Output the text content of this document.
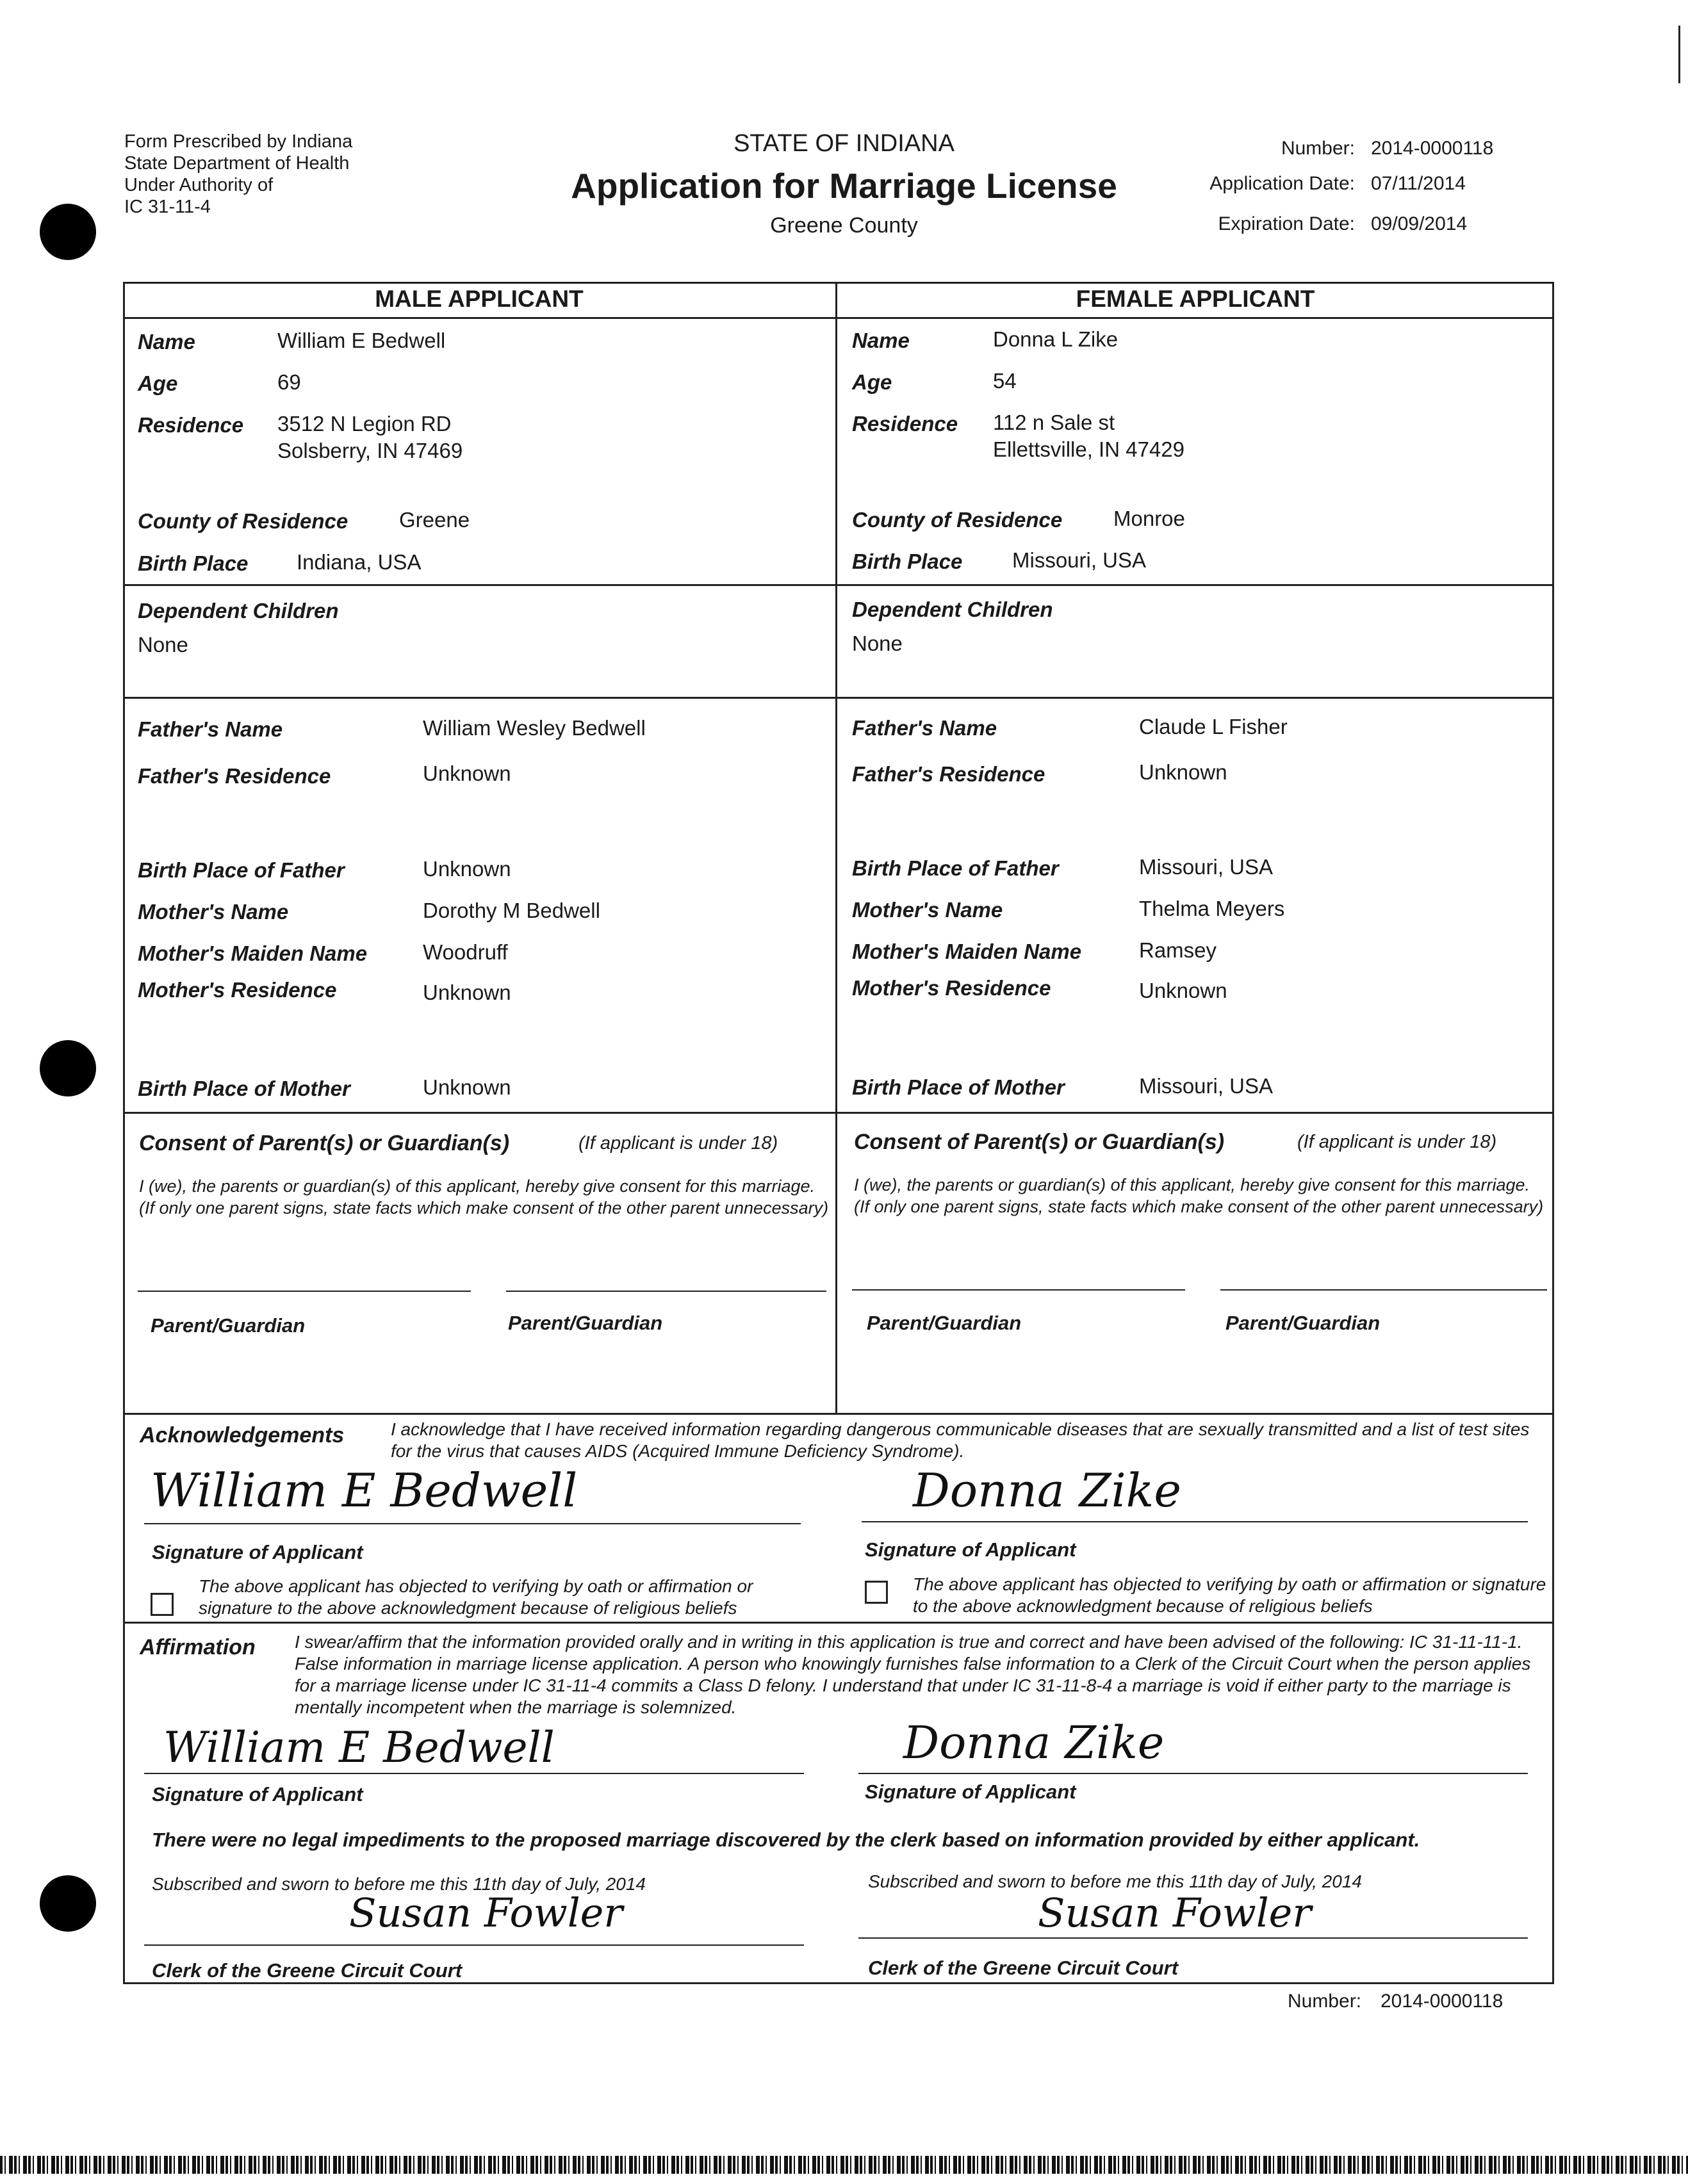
Form Prescribed by Indiana
State Department of Health
Under Authority of
IC 31-11-4
STATE OF INDIANA
Application for Marriage License
Greene County
Number: 2014-0000118
Application Date: 07/11/2014
Expiration Date: 09/09/2014
MALE APPLICANT	FEMALE APPLICANT
Name	William E Bedwell
Age	69
Residence 3512 N Legion RD
Solsberry, IN 47469
County of Residence Greene
Birth Place Indiana, USA
Name	Donna L Zike
Age	54
Residence 112 n Sale st
Ellettsville, IN 47429
County of Residence Monroe
Birth Place Missouri, USA
Dependent Children
None
Dependent Children
None
Father's Name	William Wesley Bedwell
Father's Residence	Unknown
Birth Place of Father	Unknown
Mother's Name	Dorothy M Bedwell
Mother's Maiden Name	Woodruff
Mother's Residence	Unknown
Birth Place of Mother	Unknown
Father's Name	Claude L Fisher
Father's Residence	Unknown
Birth Place of Father	Missouri, USA
Mother's Name	Thelma Meyers
Mother's Maiden Name	Ramsey
Mother's Residence	Unknown
Birth Place of Mother	Missouri, USA
Consent of Parent(s) or Guardian(s)	(If applicant is under 18)
I (we), the parents or guardian(s) of this applicant, hereby give consent for this marriage. (If only one parent signs, state facts which make consent of the other parent unnecessary)
Parent/Guardian	Parent/Guardian
Consent of Parent(s) or Guardian(s)	(If applicant is under 18)
I (we), the parents or guardian(s) of this applicant, hereby give consent for this marriage. (If only one parent signs, state facts which make consent of the other parent unnecessary)
Parent/Guardian	Parent/Guardian
Acknowledgements	I acknowledge that I have received information regarding dangerous communicable diseases that are sexually transmitted and a list of test sites for the virus that causes AIDS (Acquired Immune Deficiency Syndrome).
William E Bedwell
Signature of Applicant
Donna Zike
Signature of Applicant
The above applicant has objected to verifying by oath or affirmation or signature to the above acknowledgment because of religious beliefs
The above applicant has objected to verifying by oath or affirmation or signature to the above acknowledgment because of religious beliefs
Affirmation I swear/affirm that the information provided orally and in writing in this application is true and correct and have been advised of the following: IC 31-11-11-1. False information in marriage license application. A person who knowingly furnishes false information to a Clerk of the Circuit Court when the person applies for a marriage license under IC 31-11-4 commits a Class D felony. I understand that under IC 31-11-8-4 a marriage is void if either party to the marriage is mentally incompetent when the marriage is solemnized.
William E Bedwell
Signature of Applicant
Donna Zike
Signature of Applicant
There were no legal impediments to the proposed marriage discovered by the clerk based on information provided by either applicant.
Subscribed and sworn to before me this 11th day of July, 2014
Susan Fowler
Clerk of the Greene Circuit Court
Subscribed and sworn to before me this 11th day of July, 2014
Susan Fowler
Clerk of the Greene Circuit Court
Number: 2014-0000118
